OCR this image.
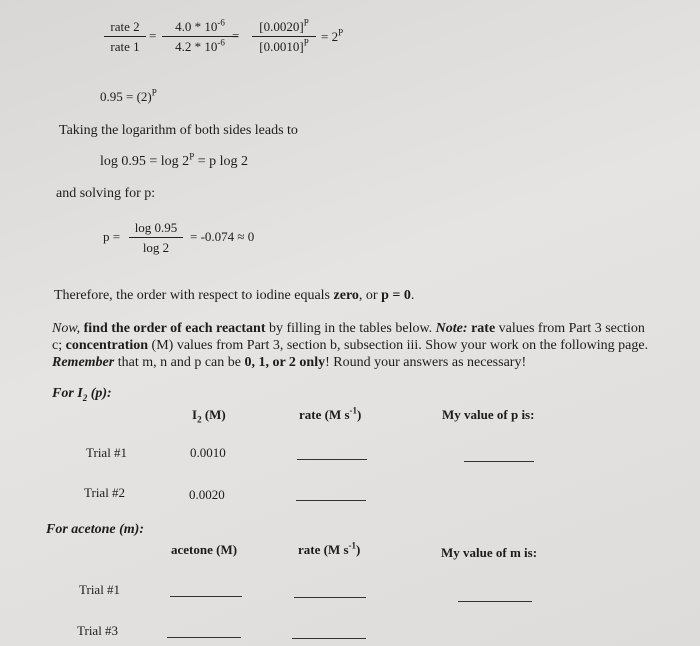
rate 2
rate 1
= $\frac{4.0 * 10^{-6}}{4.2 * 10^{-6}}$
= $\frac{[0.0020]^P}{[0.0010]^P} = 2^P$
$0.95 = (2)^P$
Taking the logarithm of both sides leads to
$\log 0.95 = \log 2^P = p$ log 2
and solving for p:
$p = \frac{\log 0.95}{\log 2} = -0.074 \approx 0$
Therefore, the order with respect to iodine equals zero, or p = 0.
Now, find the order of each reactant by filling in the tables below. Note: rate values from Part 3 section
c; concentration (M) values from Part 3, section b, subsection iii. Show your work on the following page.
Remember that m, n and p can be 0, 1, or 2 only! Round your answers as necessary!
For $I_2$ (p):
$I_2$ (M)	rate (M $s^{-1}$)	My value of p is:
Trial #1	0.0010
Trial #2	0.0020
For acetone (m):
acetone (M)	rate (M $s^{-1}$)	My value of m is:
Trial #1
Trial #3
